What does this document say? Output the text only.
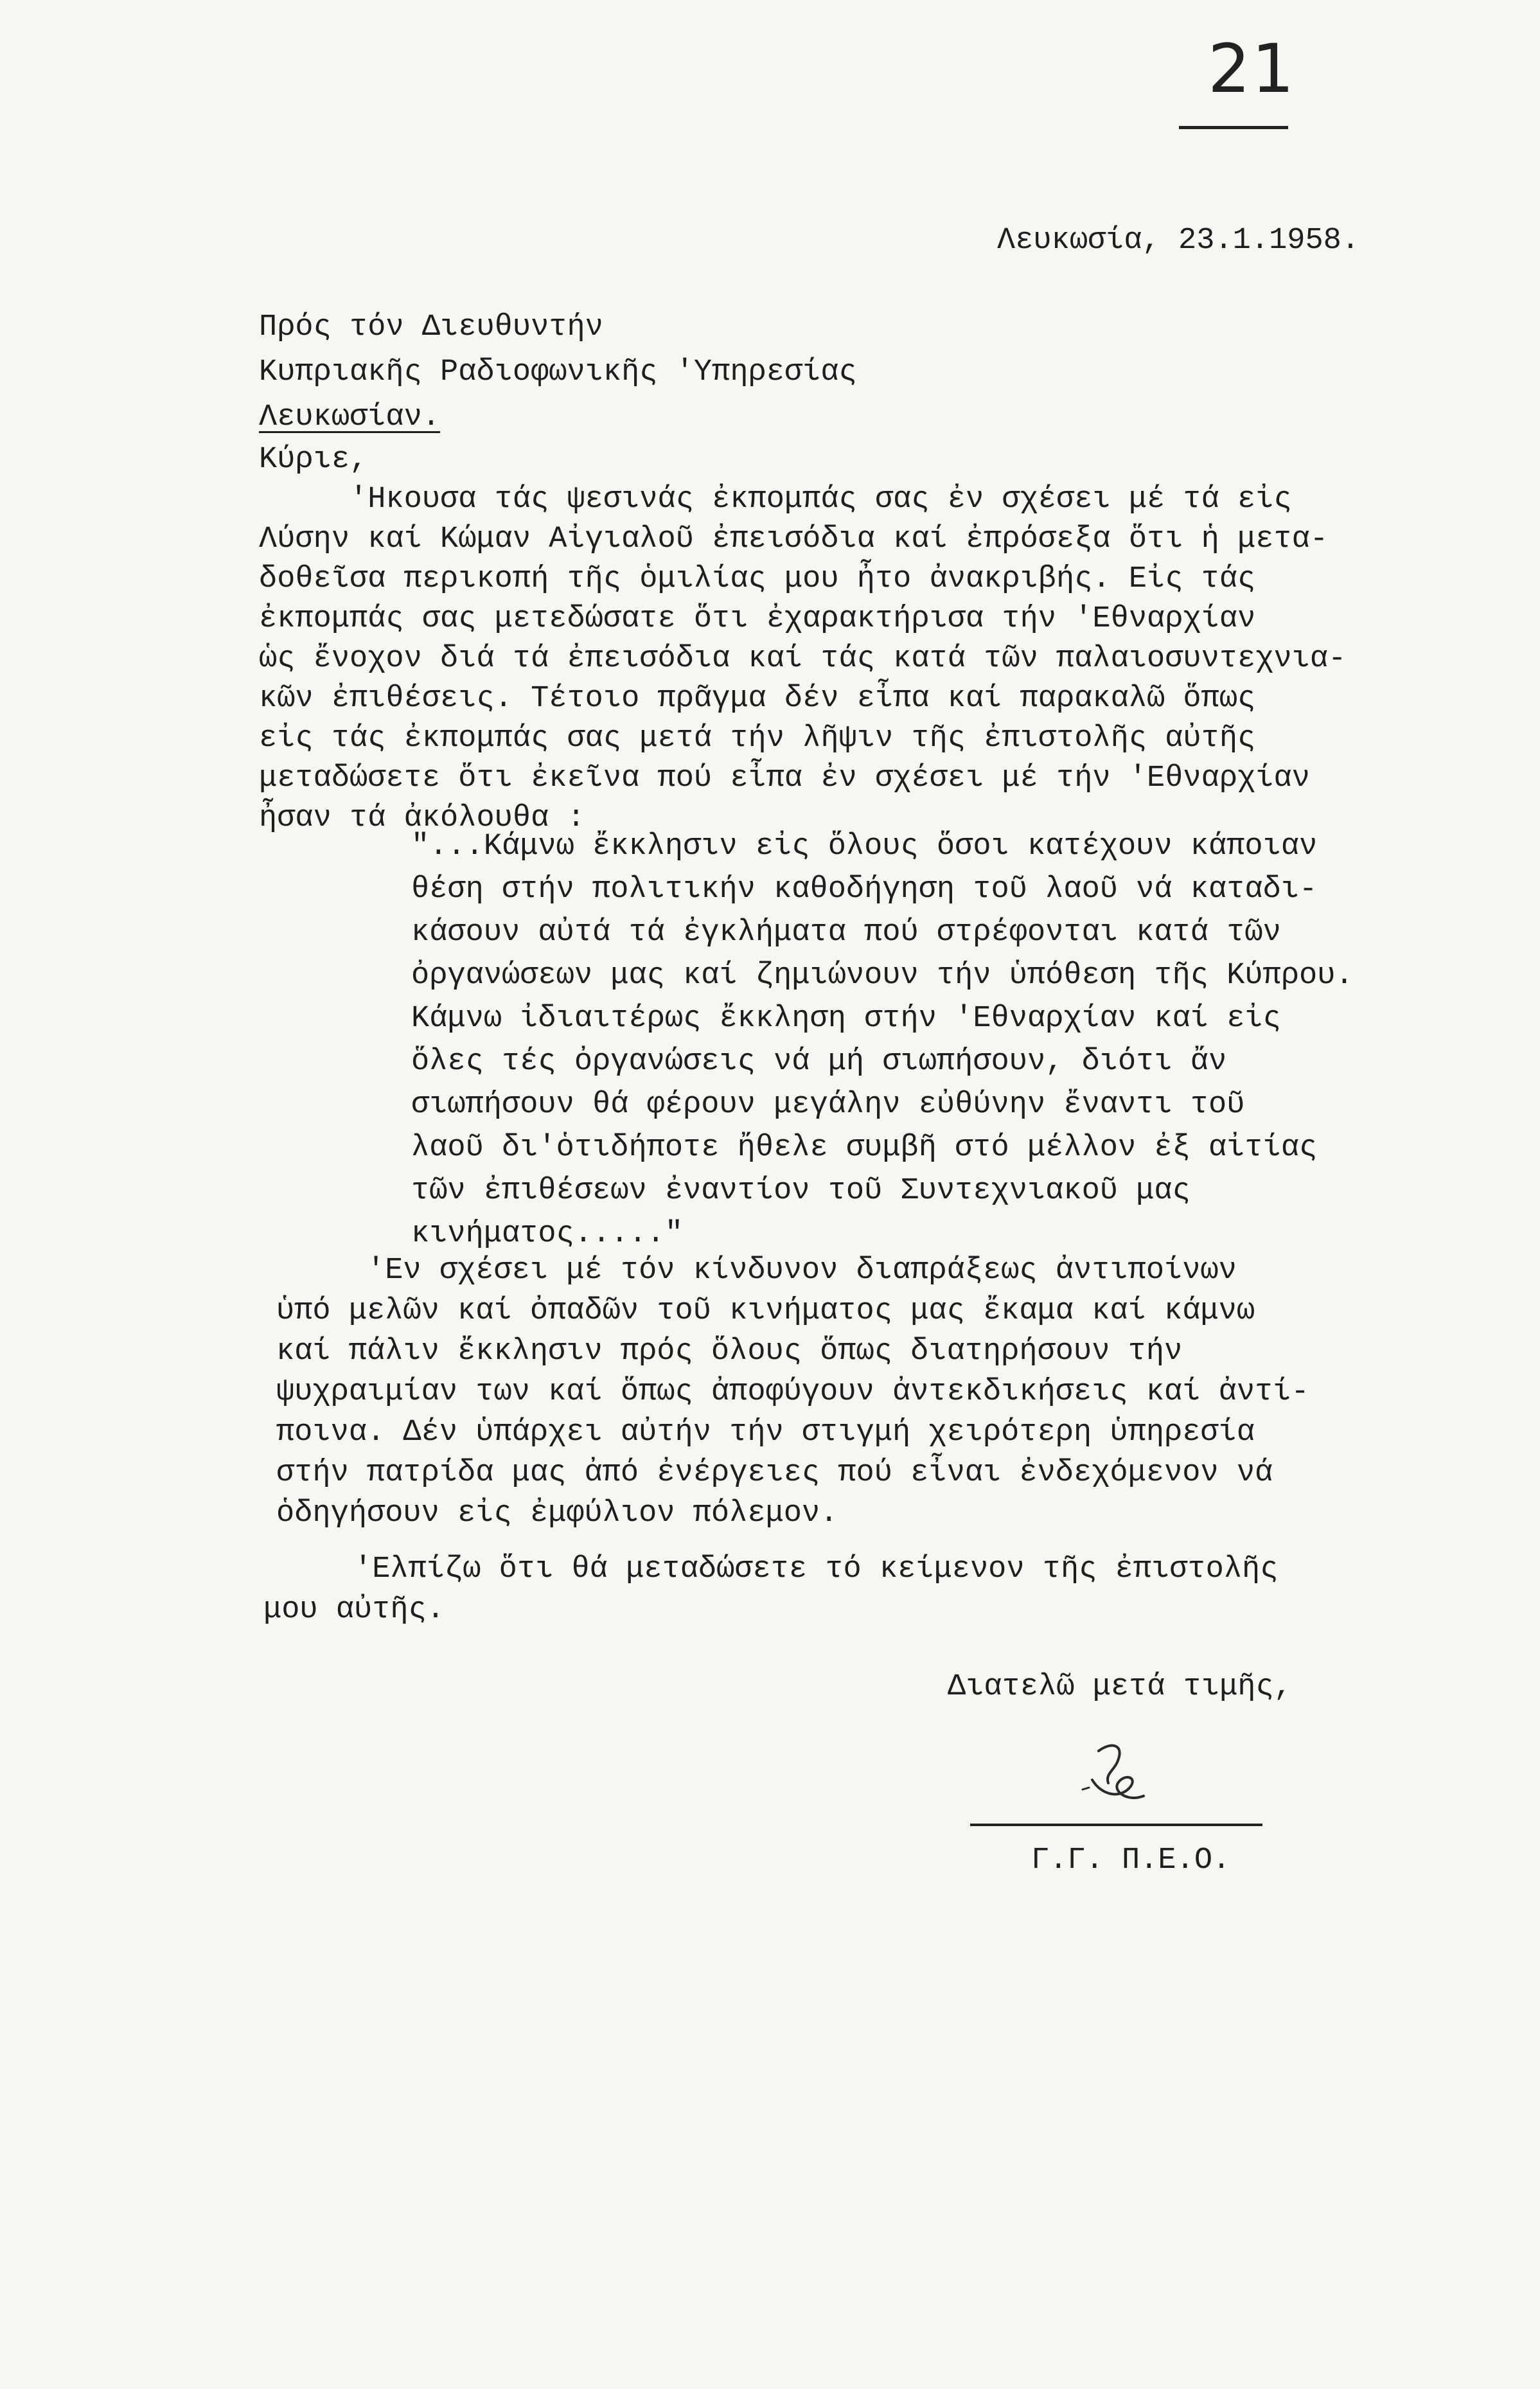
21
Λευκωσία, 23.1.1958.
Πρός τόν Διευθυντήν
Κυπριακῆς Ραδιοφωνικῆς 'Υπηρεσίας
Λευκωσίαν.
Κύριε,
'Ηκουσα τάς ψεσινάς ἐκπομπάς σας ἐν σχέσει μέ τά εἰς
Λύσην καί Κώμαν Αἰγιαλοῦ ἐπεισόδια καί ἐπρόσεξα ὅτι ἡ μετα-
δοθεῖσα περικοπή τῆς ὁμιλίας μου ἦτο ἀνακριβής. Εἰς τάς
ἐκπομπάς σας μετεδώσατε ὅτι ἐχαρακτήρισα τήν 'Εθναρχίαν
ὡς ἔνοχον διά τά ἐπεισόδια καί τάς κατά τῶν παλαιοσυντεχνια-
κῶν ἐπιθέσεις. Τέτοιο πρᾶγμα δέν εἶπα καί παρακαλῶ ὅπως
εἰς τάς ἐκπομπάς σας μετά τήν λῆψιν τῆς ἐπιστολῆς αὐτῆς
μεταδώσετε ὅτι ἐκεῖνα πού εἶπα ἐν σχέσει μέ τήν 'Εθναρχίαν
ἦσαν τά ἀκόλουθα :
"...Κάμνω ἔκκλησιν εἰς ὅλους ὅσοι κατέχουν κάποιαν
θέση στήν πολιτικήν καθοδήγηση τοῦ λαοῦ νά καταδι-
κάσουν αὐτά τά ἐγκλήματα πού στρέφονται κατά τῶν
ὀργανώσεων μας καί ζημιώνουν τήν ὑπόθεση τῆς Κύπρου.
Κάμνω ἰδιαιτέρως ἔκκληση στήν 'Εθναρχίαν καί εἰς
ὅλες τές ὀργανώσεις νά μή σιωπήσουν, διότι ἄν
σιωπήσουν θά φέρουν μεγάλην εὐθύνην ἔναντι τοῦ
λαοῦ δι'ὁτιδήποτε ἤθελε συμβῆ στό μέλλον ἐξ αἰτίας
τῶν ἐπιθέσεων ἐναντίον τοῦ Συντεχνιακοῦ μας
κινήματος....."
'Εν σχέσει μέ τόν κίνδυνον διαπράξεως ἀντιποίνων
ὑπό μελῶν καί ὀπαδῶν τοῦ κινήματος μας ἔκαμα καί κάμνω
καί πάλιν ἔκκλησιν πρός ὅλους ὅπως διατηρήσουν τήν
ψυχραιμίαν των καί ὅπως ἀποφύγουν ἀντεκδικήσεις καί ἀντί-
ποινα. Δέν ὑπάρχει αὐτήν τήν στιγμή χειρότερη ὑπηρεσία
στήν πατρίδα μας ἀπό ἐνέργειες πού εἶναι ἐνδεχόμενον νά
ὁδηγήσουν εἰς ἐμφύλιον πόλεμον.
'Ελπίζω ὅτι θά μεταδώσετε τό κείμενον τῆς ἐπιστολῆς
μου αὐτῆς.
Διατελῶ μετά τιμῆς,
Γ.Γ. Π.Ε.Ο.
